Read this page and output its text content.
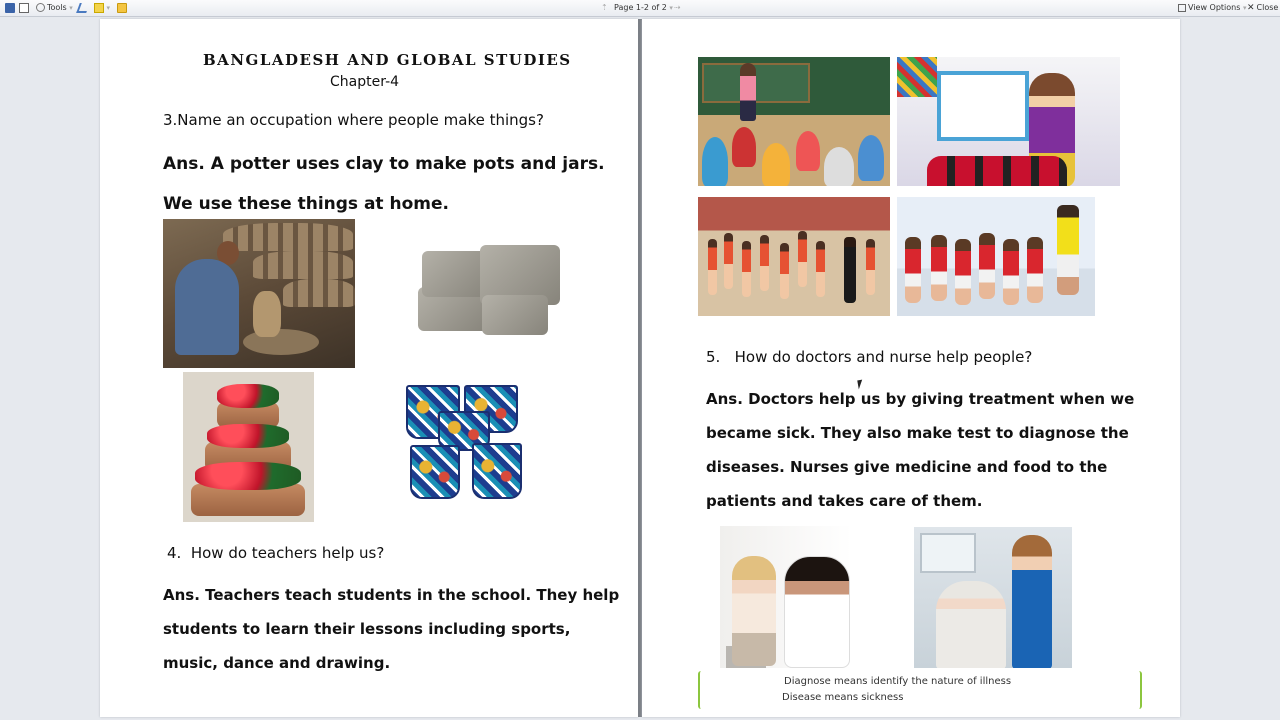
Tools ▾	▾	⇡ Page 1-2 of 2 ▾ ⇢	View Options ▾ ✕ Close
BANGLADESH AND GLOBAL STUDIES
Chapter-4
3.Name an occupation where people make things?
Ans. A potter uses clay to make pots and jars.
We use these things at home.
4.  How do teachers help us?
Ans. Teachers teach students in the school. They help
students to learn their lessons including sports,
music, dance and drawing.
5.   How do doctors and nurse help people?
Ans. Doctors help us by giving treatment when we
became sick. They also make test to diagnose the
diseases. Nurses give medicine and food to the
patients and takes care of them.
Diagnose means identify the nature of illness
Disease means sickness
